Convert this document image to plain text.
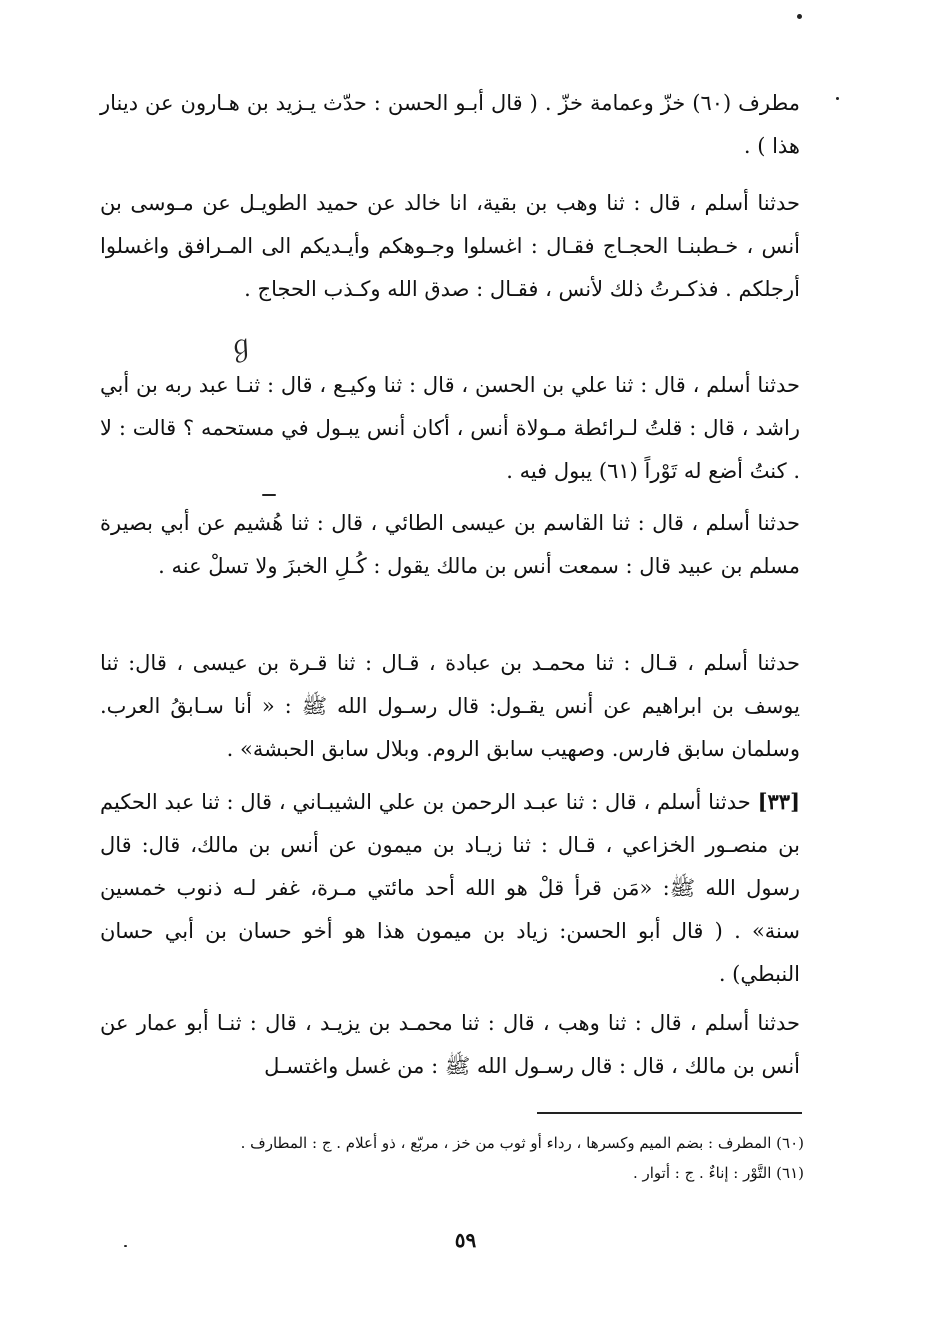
مطرف (٦٠) خزّ وعمامة خزّ . ( قال أبـو الحسن : حدّث يـزيد بن هـارون عن دينار هذا ) .

حدثنا أسلم ، قال : ثنا وهب بن بقية، انا خالد عن حميد الطويـل عن مـوسى بن أنس ، خـطبنـا الحجـاج فقـال : اغسلوا وجـوهكم وأيـديكم الى المـرافق واغسلوا أرجلكم . فذكـرتُ ذلك لأنس ، فقـال : صدق الله وكـذب الحجاج .

حدثنا أسلم ، قال : ثنا علي بن الحسن ، قال : ثنا وكيـع ، قال : ثنـا عبد ربه بن أبي راشد ، قال : قلتُ لـرائطة مـولاة أنس ، أكان أنس يبـول في مستحمه ؟ قالت : لا . كنتُ أضع له تَوْراً (٦١) يبول فيه .

حدثنا أسلم ، قال : ثنا القاسم بن عيسى الطائي ، قال : ثنا هُشيم عن أبي بصيرة مسلم بن عبيد قال : سمعت أنس بن مالك يقول : كُـلِ الخبزَ ولا تسلْ عنه .

حدثنا أسلم ، قـال : ثنا محمـد بن عبادة ، قـال : ثنا قـرة بن عيسى ، قال: ثنا يوسف بن ابراهيم عن أنس يقـول: قال رسـول الله ﷺ : « أنا سـابقُ العرب. وسلمان سابق فارس. وصهيب سابق الروم. وبلال سابق الحبشة» .

[٣٣] حدثنا أسلم ، قال : ثنا عبـد الرحمن بن علي الشيبـاني ، قال : ثنا عبد الحكيم بن منصـور الخزاعي ، قـال : ثنا زيـاد بن ميمون عن أنس بن مالك، قال: قال رسول الله ﷺ: «مَن قرأ قلْ هو الله أحد مائتي مـرة، غفر لـه ذنوب خمسين سنة» . ( قال أبو الحسن: زياد بن ميمون هذا هو أخو حسان بن أبي حسان النبطي) .

حدثنا أسلم ، قال : ثنا وهب ، قال : ثنا محمـد بن يزيـد ، قال : ثنـا أبو عمار عن أنس بن مالك ، قال : قال رسـول الله ﷺ : من غسل واغتسـل

(٦٠) المطرف : بضم الميم وكسرها ، رداء أو ثوب من خز ، مربّع ، ذو أعلام . ج : المطارف .

(٦١) التَّوْر : إناءٌ . ج : أتوار .

٥٩
ℊ
